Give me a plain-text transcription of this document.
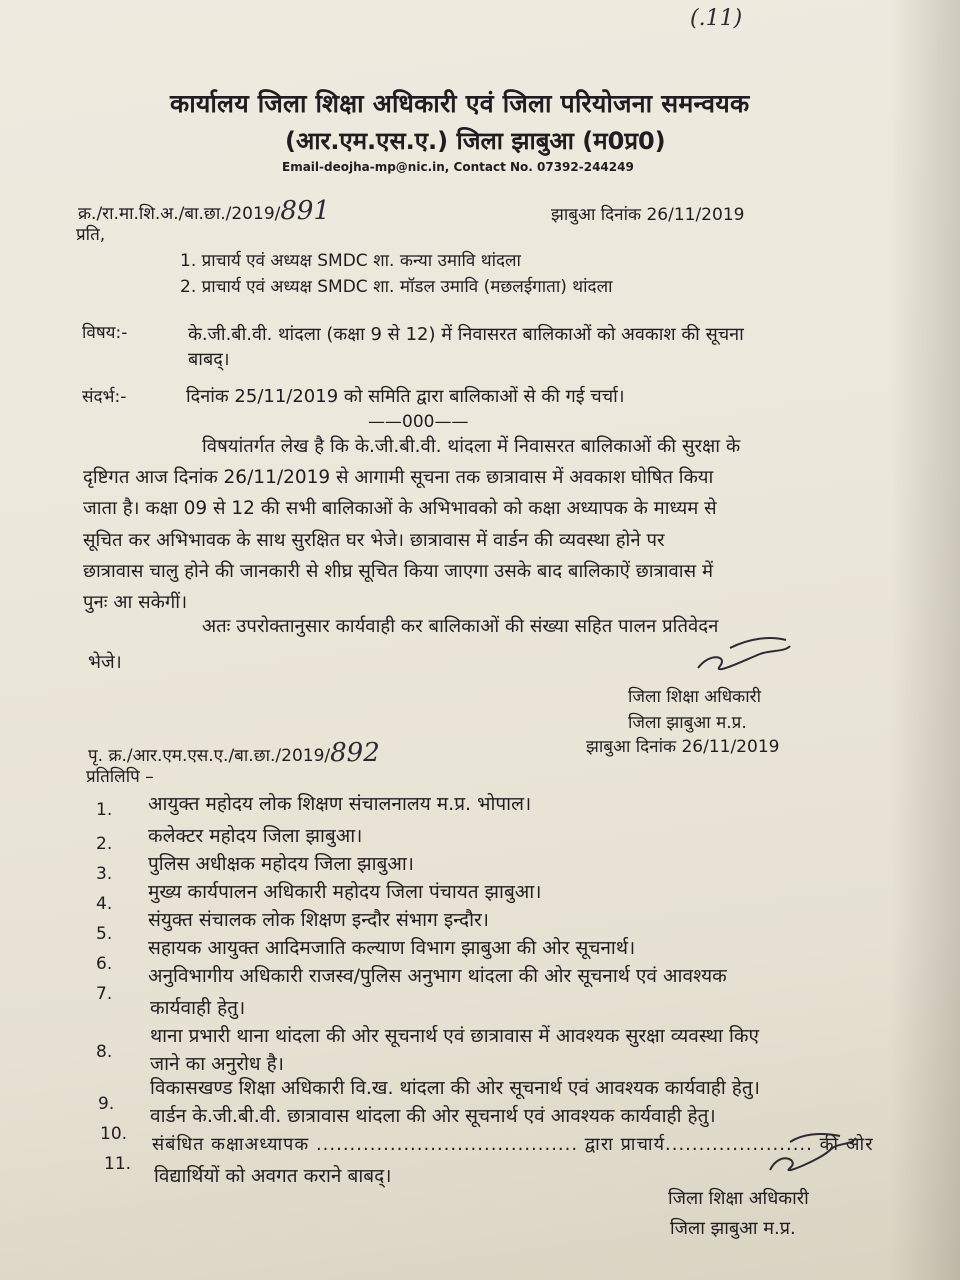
(.11)
कार्यालय जिला शिक्षा अधिकारी एवं जिला परियोजना समन्वयक
(आर.एम.एस.ए.) जिला झाबुआ (म0प्र0)
Email-deojha-mp@nic.in, Contact No. 07392-244249
क्र./रा.मा.शि.अ./बा.छा./2019/891	झाबुआ दिनांक 26/11/2019
प्रति,
1. प्राचार्य एवं अध्यक्ष SMDC शा. कन्या उमावि थांदला
2. प्राचार्य एवं अध्यक्ष SMDC शा. मॉडल उमावि (मछलईगाता) थांदला
विषय:-	के.जी.बी.वी. थांदला (कक्षा 9 से 12) में निवासरत बालिकाओं को अवकाश की सूचना
बाबद्।
संदर्भ:-	दिनांक 25/11/2019 को समिति द्वारा बालिकाओं से की गई चर्चा।
——000——
विषयांतर्गत लेख है कि के.जी.बी.वी. थांदला में निवासरत बालिकाओं की सुरक्षा के
दृष्टिगत आज दिनांक 26/11/2019 से आगामी सूचना तक छात्रावास में अवकाश घोषित किया
जाता है। कक्षा 09 से 12 की सभी बालिकाओं के अभिभावको को कक्षा अध्यापक के माध्यम से
सूचित कर अभिभावक के साथ सुरक्षित घर भेजे। छात्रावास में वार्डन की व्यवस्था होने पर
छात्रावास चालु होने की जानकारी से शीघ्र सूचित किया जाएगा उसके बाद बालिकाऐं छात्रावास में
पुनः आ सकेगीं।
अतः उपरोक्तानुसार कार्यवाही कर बालिकाओं की संख्या सहित पालन प्रतिवेदन
भेजे।
जिला शिक्षा अधिकारी
जिला झाबुआ म.प्र.
पृ. क्र./आर.एम.एस.ए./बा.छा./2019/892	झाबुआ दिनांक 26/11/2019
प्रतिलिपि –
1. आयुक्त महोदय लोक शिक्षण संचालनालय म.प्र. भोपाल।
2. कलेक्टर महोदय जिला झाबुआ।
3. पुलिस अधीक्षक महोदय जिला झाबुआ।
4.
मुख्य कार्यपालन अधिकारी महोदय जिला पंचायत झाबुआ।
5.
संयुक्त संचालक लोक शिक्षण इन्दौर संभाग इन्दौर।
6.
सहायक आयुक्त आदिमजाति कल्याण विभाग झाबुआ की ओर सूचनार्थ।
7.
अनुविभागीय अधिकारी राजस्व/पुलिस अनुभाग थांदला की ओर सूचनार्थ एवं आवश्यक
कार्यवाही हेतु।
8.
थाना प्रभारी थाना थांदला की ओर सूचनार्थ एवं छात्रावास में आवश्यक सुरक्षा व्यवस्था किए
जाने का अनुरोध है।
9.
विकासखण्ड शिक्षा अधिकारी वि.ख. थांदला की ओर सूचनार्थ एवं आवश्यक कार्यवाही हेतु।
10.
वार्डन के.जी.बी.वी. छात्रावास थांदला की ओर सूचनार्थ एवं आवश्यक कार्यवाही हेतु।
11.
संबंधित कक्षाअध्यापक ....................................... द्वारा प्राचार्य...................... की ओर
विद्यार्थियों को अवगत कराने बाबद्।
जिला शिक्षा अधिकारी
जिला झाबुआ म.प्र.
